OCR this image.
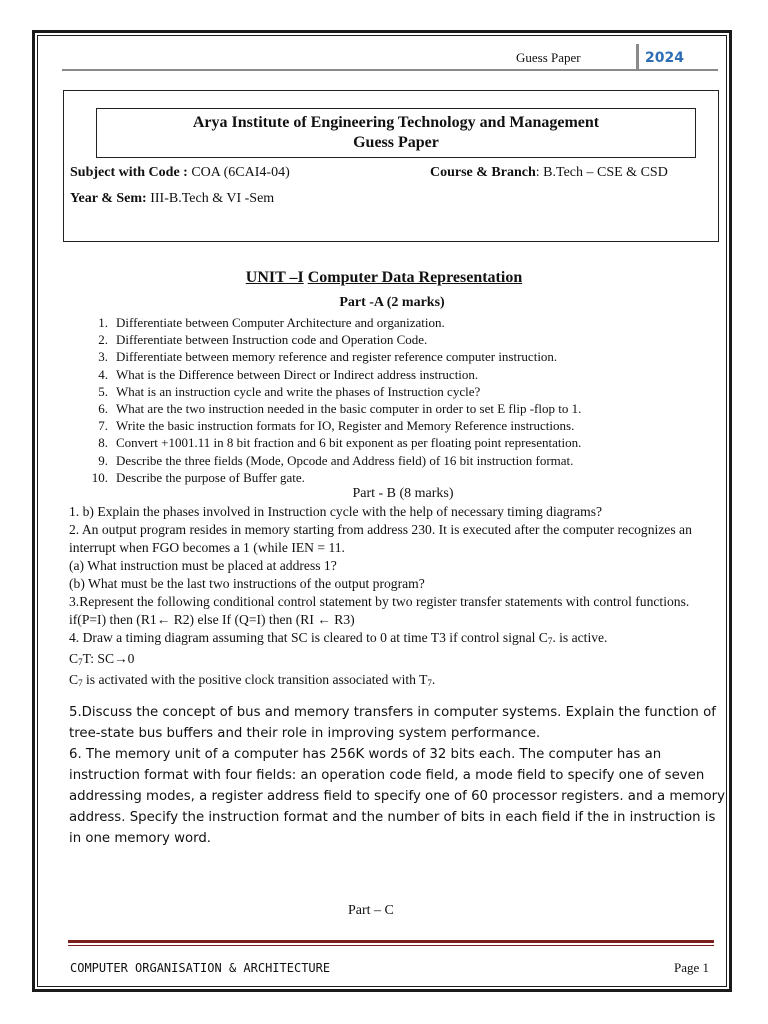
Guess Paper	2024
Arya Institute of Engineering Technology and Management
Guess Paper
Subject with Code : COA (6CAI4-04)	Course & Branch: B.Tech – CSE & CSD
Year & Sem: III-B.Tech & VI -Sem
UNIT –I Computer Data Representation
Part -A (2 marks)
1. Differentiate between Computer Architecture and organization.
2. Differentiate between Instruction code and Operation Code.
3. Differentiate between memory reference and register reference computer instruction.
4. What is the Difference between Direct or Indirect address instruction.
5. What is an instruction cycle and write the phases of Instruction cycle?
6. What are the two instruction needed in the basic computer in order to set E flip -flop to 1.
7. Write the basic instruction formats for IO, Register and Memory Reference instructions.
8. Convert +1001.11 in 8 bit fraction and 6 bit exponent as per floating point representation.
9. Describe the three fields (Mode, Opcode and Address field) of 16 bit instruction format.
10. Describe the purpose of Buffer gate.
Part - B (8 marks)

1. b) Explain the phases involved in Instruction cycle with the help of necessary timing diagrams?

2. An output program resides in memory starting from address 230. It is executed after the computer recognizes an interrupt when FGO becomes a 1 (while IEN = 11.

(a) What instruction must be placed at address 1?

(b) What must be the last two instructions of the output program?

3.Represent the following conditional control statement by two register transfer statements with control functions.

if(P=I) then (R1← R2) else If (Q=I) then (RI ← R3)

4. Draw a timing diagram assuming that SC is cleared to 0 at time T3 if control signal C7. is active.

C7T: SC→0

C7 is activated with the positive clock transition associated with T7.

5.Discuss the concept of bus and memory transfers in computer systems. Explain the function of tree-state bus buffers and their role in improving system performance.

6. The memory unit of a computer has 256K words of 32 bits each. The computer has an instruction format with four fields: an operation code field, a mode field to specify one of seven addressing modes, a register address field to specify one of 60 processor registers. and a memory address. Specify the instruction format and the number of bits in each field if the in instruction is in one memory word.

Part – C
COMPUTER ORGANISATION & ARCHITECTURE	Page 1
